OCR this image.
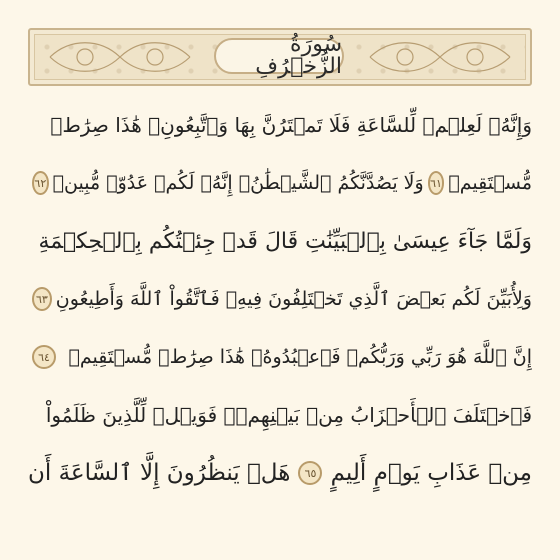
سُورَةُ الزُّخۡرُفِ
وَإِنَّهُۥ لَعِلۡمٞ لِّلسَّاعَةِ فَلَا تَمۡتَرُنَّ بِهَا وَٱتَّبِعُونِۚ هَٰذَا صِرَٰطٞ
مُّسۡتَقِيمٞ
٦١
وَلَا يَصُدَّنَّكُمُ ٱلشَّيۡطَٰنُۖ إِنَّهُۥ لَكُمۡ عَدُوّٞ مُّبِينٞ
٦٢
وَلَمَّا جَآءَ عِيسَىٰ بِٱلۡبَيِّنَٰتِ قَالَ قَدۡ جِئۡتُكُم بِٱلۡحِكۡمَةِ
وَلِأُبَيِّنَ لَكُم بَعۡضَ ٱلَّذِي تَخۡتَلِفُونَ فِيهِۖ فَٱتَّقُواْ ٱللَّهَ وَأَطِيعُونِ
٦٣
إِنَّ ٱللَّهَ هُوَ رَبِّي وَرَبُّكُمۡ فَٱعۡبُدُوهُۚ هَٰذَا صِرَٰطٞ مُّسۡتَقِيمٞ
٦٤
فَٱخۡتَلَفَ ٱلۡأَحۡزَابُ مِنۢ بَيۡنِهِمۡۖ فَوَيۡلٞ لِّلَّذِينَ ظَلَمُواْ
مِنۡ عَذَابِ يَوۡمٍ أَلِيمٍ
٦٥
هَلۡ يَنظُرُونَ إِلَّا ٱلسَّاعَةَ أَن
